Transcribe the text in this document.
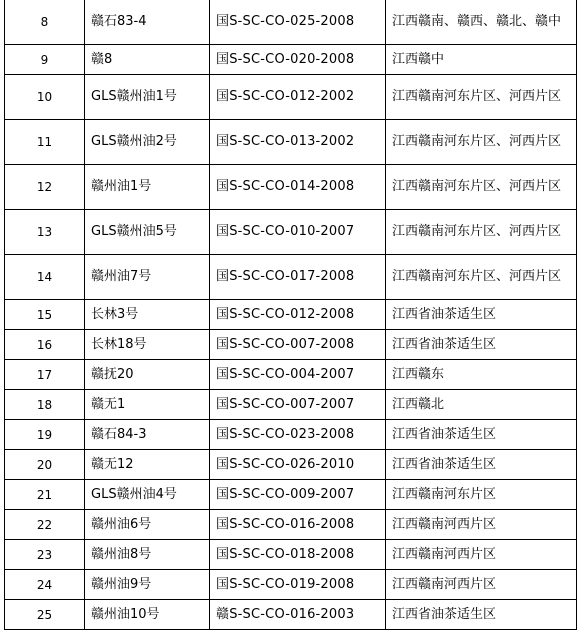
8	赣石83-4	国S-SC-CO-025-2008	江西赣南、赣西、赣北、赣中
9	赣8	国S-SC-CO-020-2008	江西赣中
10	GLS赣州油1号	国S-SC-CO-012-2002	江西赣南河东片区、河西片区
11	GLS赣州油2号	国S-SC-CO-013-2002	江西赣南河东片区、河西片区
12	赣州油1号	国S-SC-CO-014-2008	江西赣南河东片区、河西片区
13	GLS赣州油5号	国S-SC-CO-010-2007	江西赣南河东片区、河西片区
14	赣州油7号	国S-SC-CO-017-2008	江西赣南河东片区、河西片区
15	长林3号	国S-SC-CO-012-2008	江西省油茶适生区
16	长林18号	国S-SC-CO-007-2008	江西省油茶适生区
17	赣抚20	国S-SC-CO-004-2007	江西赣东
18	赣无1	国S-SC-CO-007-2007	江西赣北
19	赣石84-3	国S-SC-CO-023-2008	江西省油茶适生区
20	赣无12	国S-SC-CO-026-2010	江西省油茶适生区
21	GLS赣州油4号	国S-SC-CO-009-2007	江西赣南河东片区
22	赣州油6号	国S-SC-CO-016-2008	江西赣南河西片区
23	赣州油8号	国S-SC-CO-018-2008	江西赣南河西片区
24	赣州油9号	国S-SC-CO-019-2008	江西赣南河西片区
25	赣州油10号	赣S-SC-CO-016-2003	江西省油茶适生区
